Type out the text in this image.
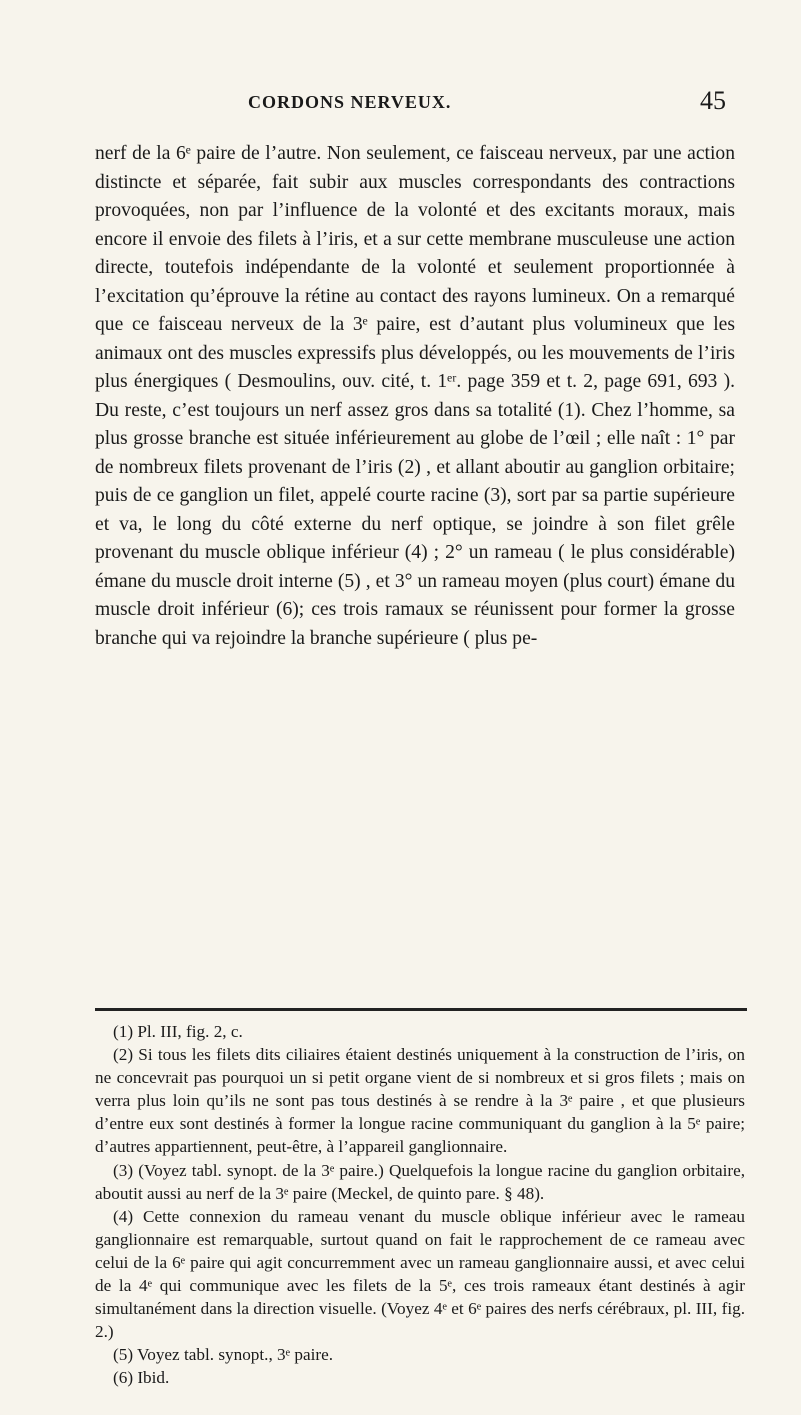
CORDONS NERVEUX.	45

nerf de la 6ᵉ paire de l’autre. Non seulement, ce faisceau nerveux, par une action distincte et séparée, fait subir aux muscles correspondants des contractions provoquées, non par l’influence de la volonté et des excitants moraux, mais encore il envoie des filets à l’iris, et a sur cette membrane musculeuse une action directe, toutefois indépendante de la volonté et seulement proportionnée à l’excitation qu’éprouve la rétine au contact des rayons lumineux. On a remarqué que ce faisceau nerveux de la 3ᵉ paire, est d’autant plus volumineux que les animaux ont des muscles expressifs plus développés, ou les mouvements de l’iris plus énergiques ( Desmoulins, ouv. cité, t. 1ᵉʳ. page 359 et t. 2, page 691, 693 ). Du reste, c’est toujours un nerf assez gros dans sa totalité (1). Chez l’homme, sa plus grosse branche est située inférieurement au globe de l’œil ; elle naît : 1° par de nombreux filets provenant de l’iris (2) , et allant aboutir au ganglion orbitaire; puis de ce ganglion un filet, appelé courte racine (3), sort par sa partie supérieure et va, le long du côté externe du nerf optique, se joindre à son filet grêle provenant du muscle oblique inférieur (4) ; 2° un rameau ( le plus considérable) émane du muscle droit interne (5) , et 3° un rameau moyen (plus court) émane du muscle droit inférieur (6); ces trois ramaux se réunissent pour former la grosse branche qui va rejoindre la branche supérieure ( plus pe-

(1) Pl. III, fig. 2, c.

(2) Si tous les filets dits ciliaires étaient destinés uniquement à la construction de l’iris, on ne concevrait pas pourquoi un si petit organe vient de si nombreux et si gros filets ; mais on verra plus loin qu’ils ne sont pas tous destinés à se rendre à la 3ᵉ paire , et que plusieurs d’entre eux sont destinés à former la longue racine communiquant du ganglion à la 5ᵉ paire; d’autres appartiennent, peut-être, à l’appareil ganglionnaire.

(3) (Voyez tabl. synopt. de la 3ᵉ paire.) Quelquefois la longue racine du ganglion orbitaire, aboutit aussi au nerf de la 3ᵉ paire (Meckel, de quinto pare. § 48).

(4) Cette connexion du rameau venant du muscle oblique inférieur avec le rameau ganglionnaire est remarquable, surtout quand on fait le rapprochement de ce rameau avec celui de la 6ᵉ paire qui agit concurremment avec un rameau ganglionnaire aussi, et avec celui de la 4ᵉ qui communique avec les filets de la 5ᵉ, ces trois rameaux étant destinés à agir simultanément dans la direction visuelle. (Voyez 4ᵉ et 6ᵉ paires des nerfs cérébraux, pl. III, fig. 2.)

(5) Voyez tabl. synopt., 3ᵉ paire.

(6) Ibid.
